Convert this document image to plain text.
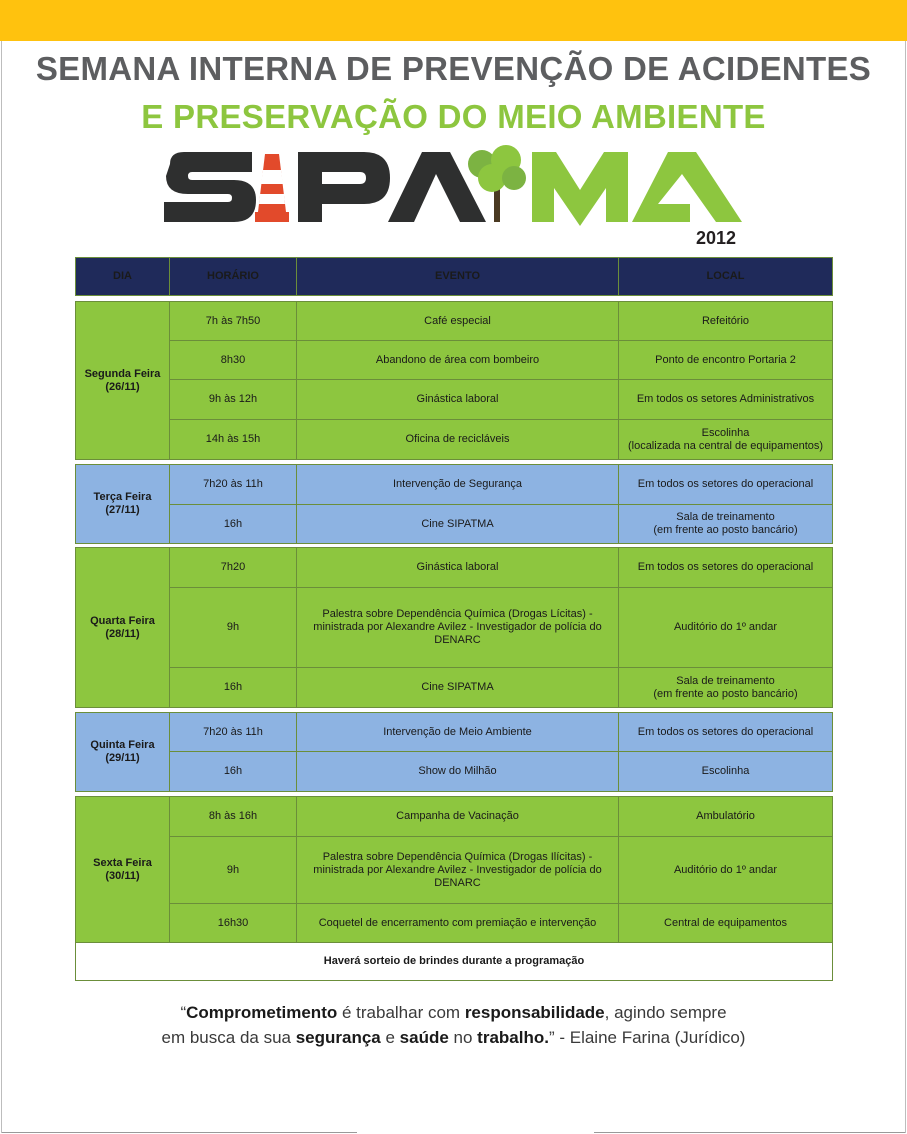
SEMANA INTERNA DE PREVENÇÃO DE ACIDENTES
E PRESERVAÇÃO DO MEIO AMBIENTE
2012
DIA	HORÁRIO	EVENTO	LOCAL
Segunda Feira
(26/11)	7h às 7h50	Café especial	Refeitório
	8h30	Abandono de área com bombeiro	Ponto de encontro Portaria 2
	9h às 12h	Ginástica laboral	Em todos os setores Administrativos
	14h às 15h	Oficina de recicláveis	Escolinha
(localizada na central de equipamentos)
Terça Feira
(27/11)	7h20 às 11h	Intervenção de Segurança	Em todos os setores do operacional
	16h	Cine SIPATMA	Sala de treinamento
(em frente ao posto bancário)
Quarta Feira
(28/11)	7h20	Ginástica laboral	Em todos os setores do operacional
	9h	Palestra sobre Dependência Química (Drogas Lícitas) -
ministrada por Alexandre Avilez - Investigador de polícia do
DENARC	Auditório do 1º andar
	16h	Cine SIPATMA	Sala de treinamento
(em frente ao posto bancário)
Quinta Feira
(29/11)	7h20 às 11h	Intervenção de Meio Ambiente	Em todos os setores do operacional
	16h	Show do Milhão	Escolinha
Sexta Feira
(30/11)	8h às 16h	Campanha de Vacinação	Ambulatório
	9h	Palestra sobre Dependência Química (Drogas Ilícitas) -
ministrada por Alexandre Avilez - Investigador de polícia do
DENARC	Auditório do 1º andar
	16h30	Coquetel de encerramento com premiação e intervenção	Central de equipamentos
Haverá sorteio de brindes durante a programação			
“Comprometimento é trabalhar com responsabilidade, agindo sempre
em busca da sua segurança e saúde no trabalho.” - Elaine Farina (Jurídico)
